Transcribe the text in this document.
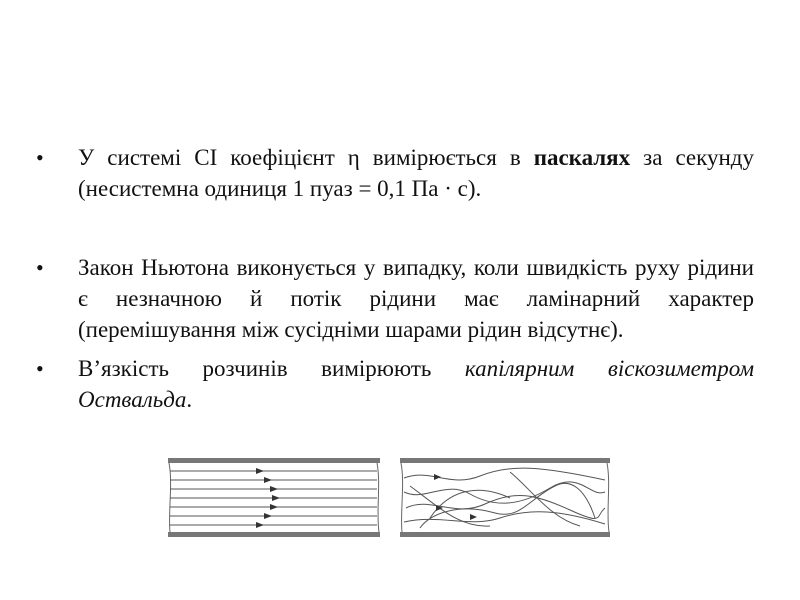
• У системі СІ коефіцієнт η вимірюється в паскалях за секунду (несистемна одиниця 1 пуаз = 0,1 Па · с).
• Закон Ньютона виконується у випадку, коли швидкість руху рідини є незначною й потік рідини має ламінарний характер (перемішування між сусідніми шарами рідин відсутнє).
• В’язкість розчинів вимірюють капілярним віскозиметром Оствальда.
